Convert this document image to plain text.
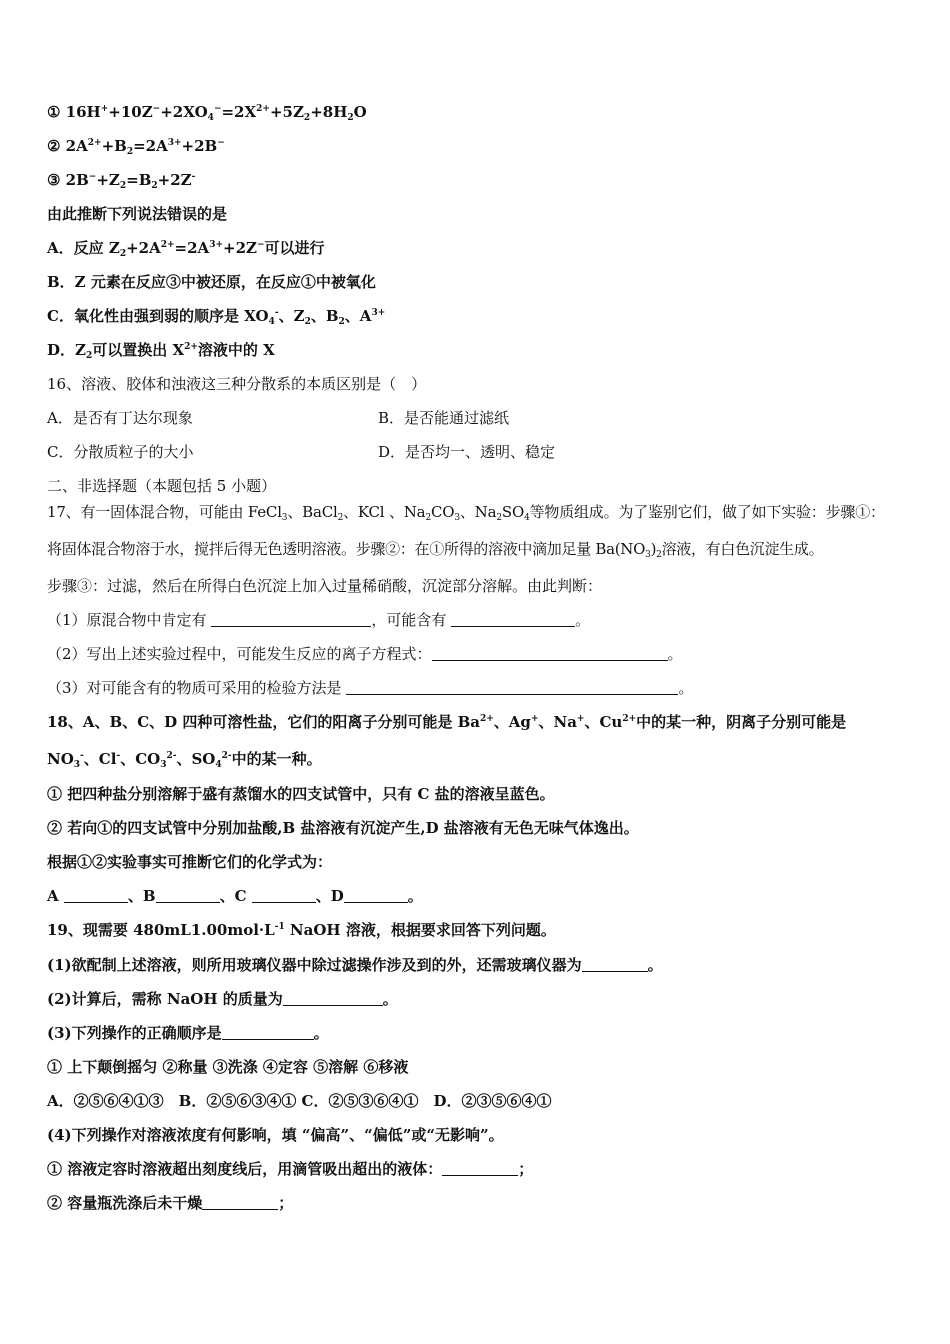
① $16H^++10Z^-+2XO_4^-=2X^{2+}+5Z_2+8H_2O$
② $2A^{2+}+B_2=2A^{3+}+2B^-$
③ $2B^-+Z_2=B_2+2Z^-$
由此推断下列说法错误的是
A．反应 $Z_2+2A^{2+}=2A^{3+}+2Z^-$可以进行
B．Z 元素在反应③中被还原，在反应①中被氧化
C．氧化性由强到弱的顺序是 $XO_4^-$、$Z_2$、$B_2$、$A^{3+}$
D．$Z_2$可以置换出 $X^{2+}$溶液中的 X
16、溶液、胶体和浊液这三种分散系的本质区别是（　）
A．是否有丁达尔现象	B．是否能通过滤纸
C．分散质粒子的大小	D．是否均一、透明、稳定
二、非选择题（本题包括 5 小题）
17、有一固体混合物，可能由 FeCl$_3$、BaCl$_2$、KCl 、$Na_2CO_3$、$Na_2SO_4$等物质组成。为了鉴别它们，做了如下实验：步骤①：
将固体混合物溶于水，搅拌后得无色透明溶液。步骤②：在①所得的溶液中滴加足量 $Ba(NO_3)_2$溶液，有白色沉淀生成。
步骤③：过滤，然后在所得白色沉淀上加入过量稀硝酸，沉淀部分溶解。由此判断：
（1）原混合物中肯定有	，可能含有	。
（2）写出上述实验过程中，可能发生反应的离子方程式：	。
（3）对可能含有的物质可采用的检验方法是	。
18、A、B、C、D 四种可溶性盐，它们的阳离子分别可能是 $Ba^{2+}$、Ag+、Na+、$Cu^{2+}$中的某一种，阴离子分别可能是
$NO_3^-$、Cl-、$CO_3^{2-}$、$SO_4^{2-}$中的某一种。
① 把四种盐分别溶解于盛有蒸馏水的四支试管中，只有 C 盐的溶液呈蓝色。
② 若向①的四支试管中分别加盐酸,B 盐溶液有沉淀产生,D 盐溶液有无色无味气体逸出。
根据①②实验事实可推断它们的化学式为：
A	、B	、C	、D	。
19、现需要 $480mL1.00mol\cdot L^{-1}$ NaOH 溶液，根据要求回答下列问题。
(1)欲配制上述溶液，则所用玻璃仪器中除过滤操作涉及到的外，还需玻璃仪器为	。
(2)计算后，需称 NaOH 的质量为	。
(3)下列操作的正确顺序是	。
① 上下颠倒摇匀 ②称量 ③洗涤 ④定容 ⑤溶解 ⑥移液
A．②⑤⑥④①③　B．②⑤⑥③④① C．②⑤③⑥④①　D．②③⑤⑥④①
(4)下列操作对溶液浓度有何影响，填 “偏高”、“偏低”或“无影响”。
① 溶液定容时溶液超出刻度线后，用滴管吸出超出的液体：	；
② 容量瓶洗涤后未干燥	；
